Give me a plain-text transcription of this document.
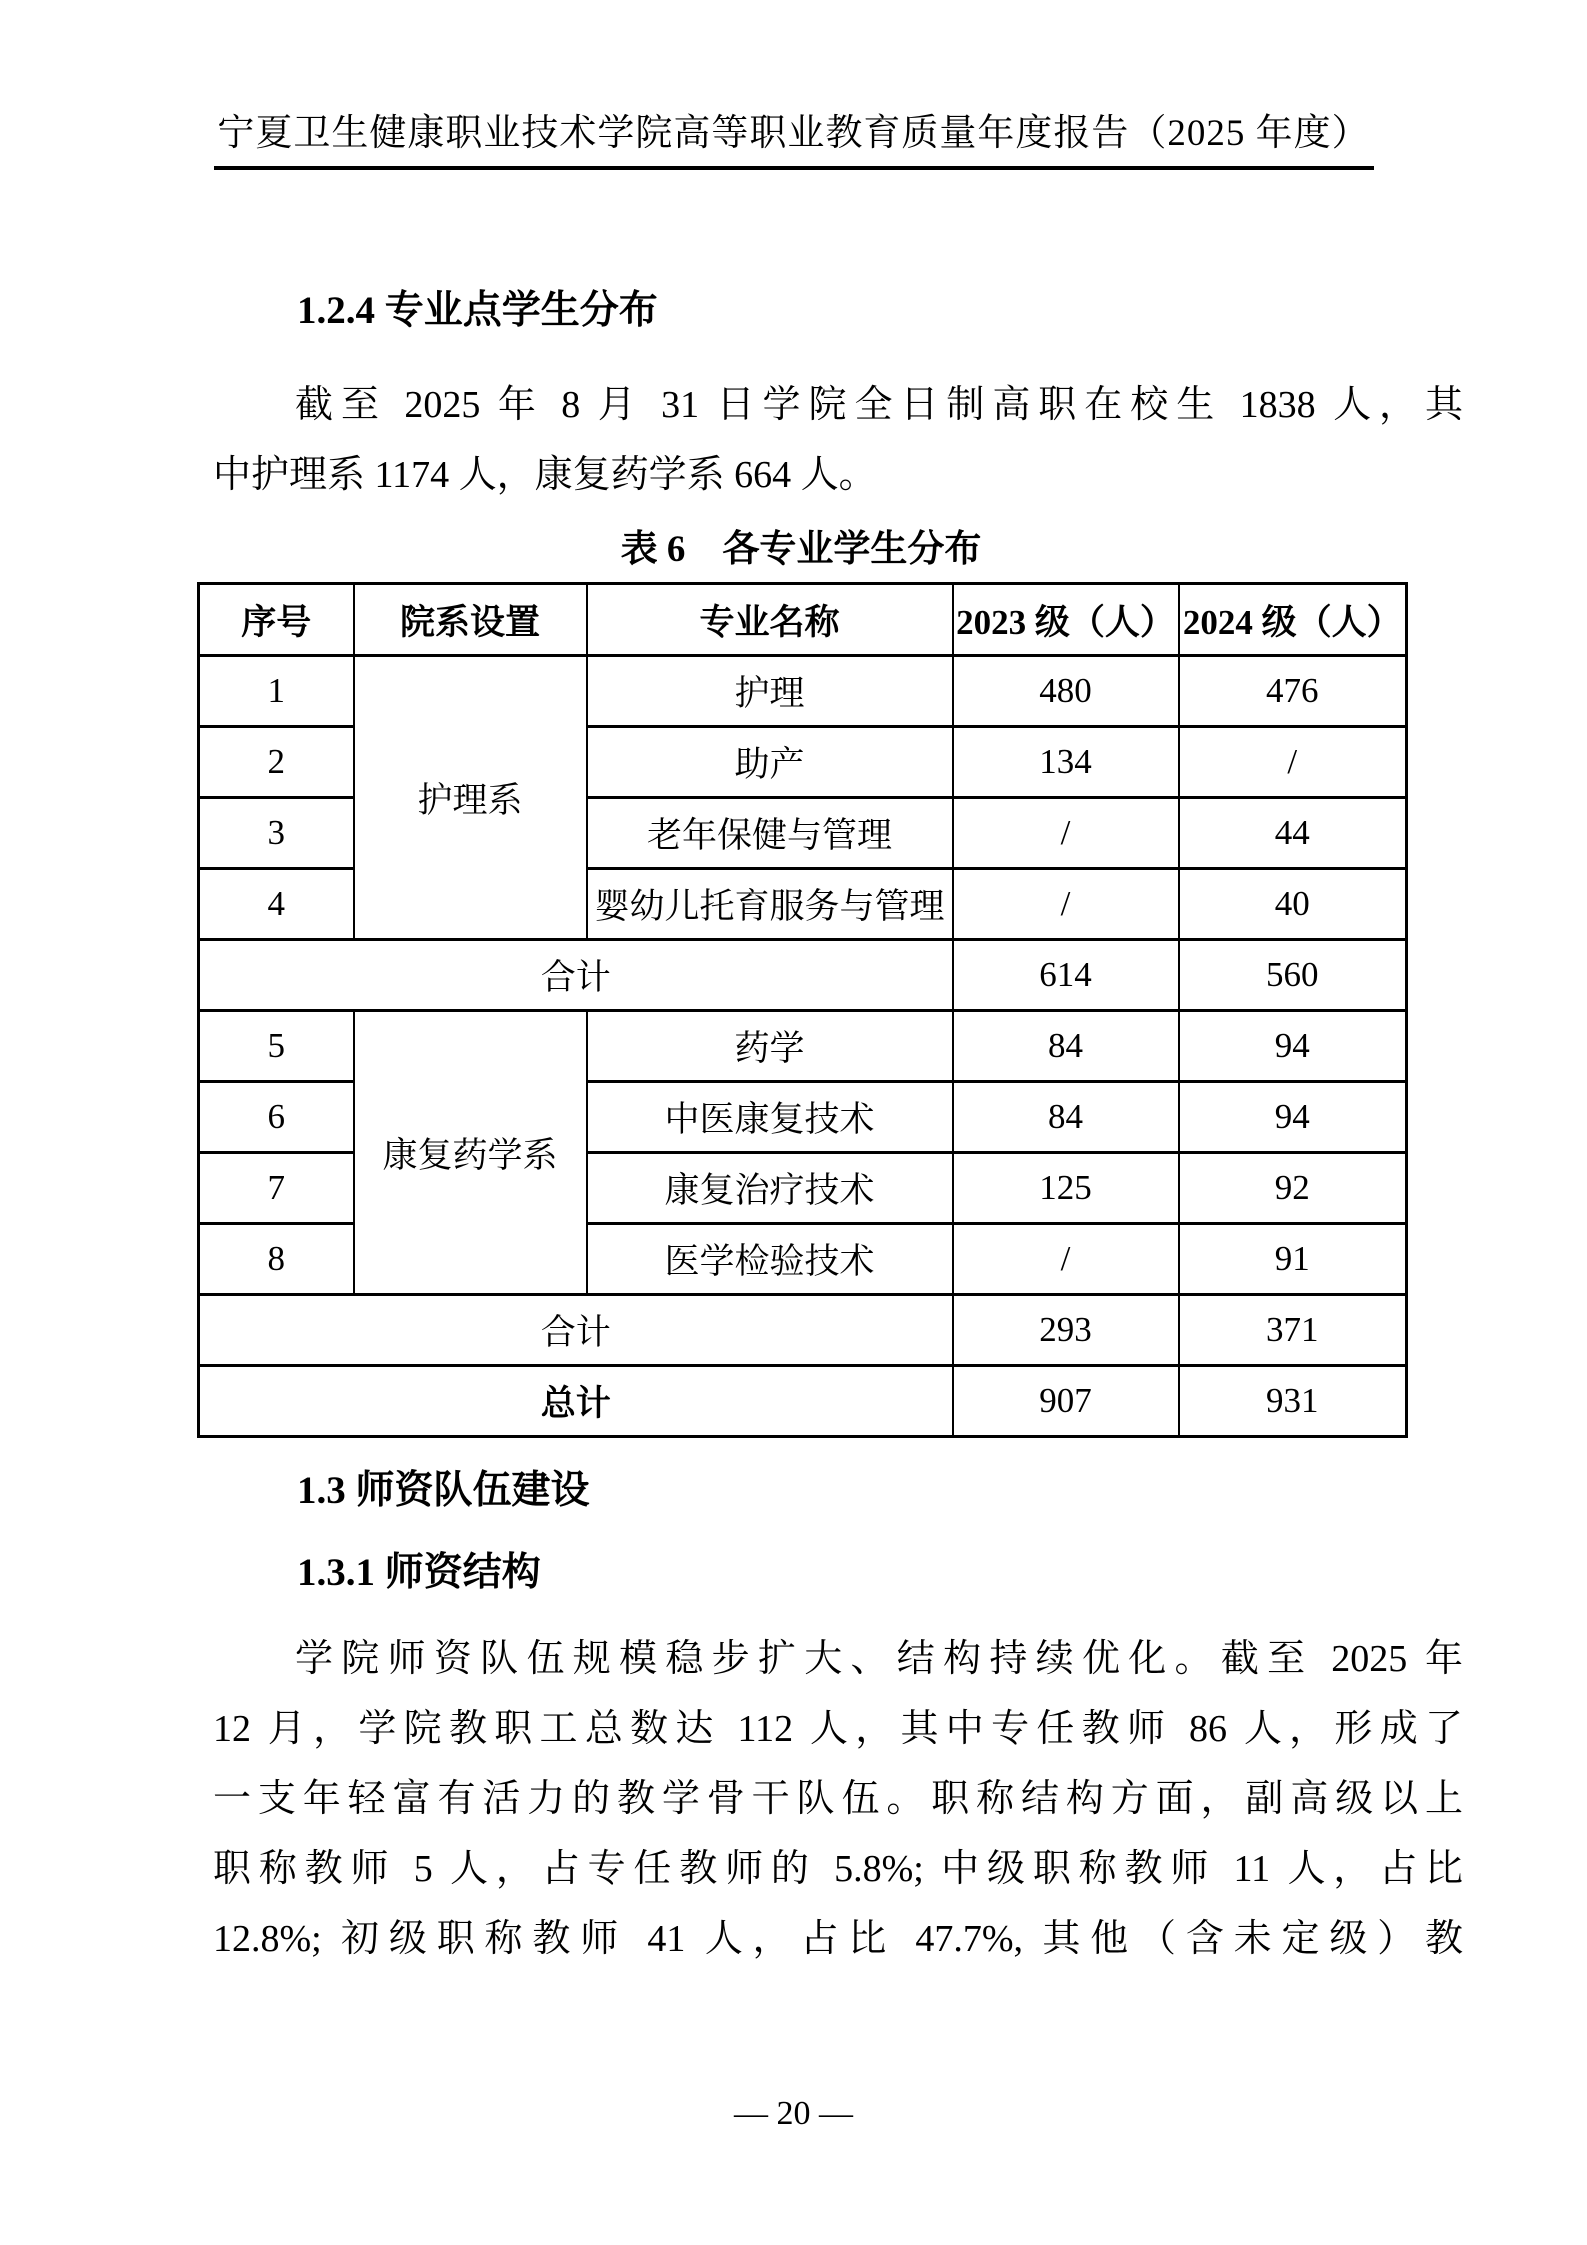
宁夏卫生健康职业技术学院高等职业教育质量年度报告（2025 年度）
1.2.4 专业点学生分布
截至 2025 年 8 月 31 日学院全日制高职在校生 1838 人，其
中护理系 1174 人，康复药学系 664 人。
表 6　各专业学生分布
序号	院系设置	专业名称	2023 级（人）	2024 级（人）
1	护理系	护理	480	476
2		助产	134	/
3		老年保健与管理	/	44
4		婴幼儿托育服务与管理	/	40
合计			614	560
5	康复药学系	药学	84	94
6		中医康复技术	84	94
7		康复治疗技术	125	92
8		医学检验技术	/	91
合计			293	371
总计			907	931
1.3 师资队伍建设
1.3.1 师资结构
学院师资队伍规模稳步扩大、结构持续优化。截至 2025 年
12 月，学院教职工总数达 112 人，其中专任教师 86 人，形成了
一支年轻富有活力的教学骨干队伍。职称结构方面，副高级以上
职称教师 5 人，占专任教师的 5.8%; 中级职称教师 11 人，占比
12.8%; 初级职称教师 41 人，占比 47.7%, 其他（含未定级）教
— 20 —
